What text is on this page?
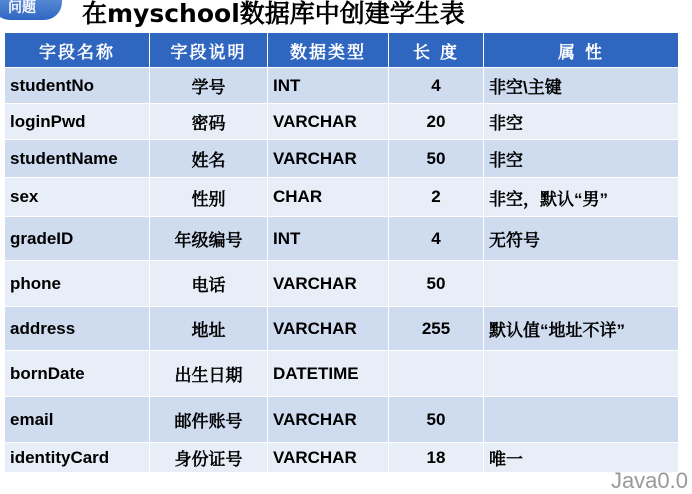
问题 在myschool数据库中创建学生表
字段名称	字段说明	数据类型	长 度	属 性
studentNo	学号	INT	4	非空\主键
loginPwd	密码	VARCHAR	20	非空
studentName	姓名	VARCHAR	50	非空
sex	性别	CHAR	2	非空，默认“男”
gradeID	年级编号	INT	4	无符号
phone	电话	VARCHAR	50	
address	地址	VARCHAR	255	默认值“地址不详”
bornDate	出生日期	DATETIME		
email	邮件账号	VARCHAR	50	
identityCard	身份证号	VARCHAR	18	唯一
Java0.0
